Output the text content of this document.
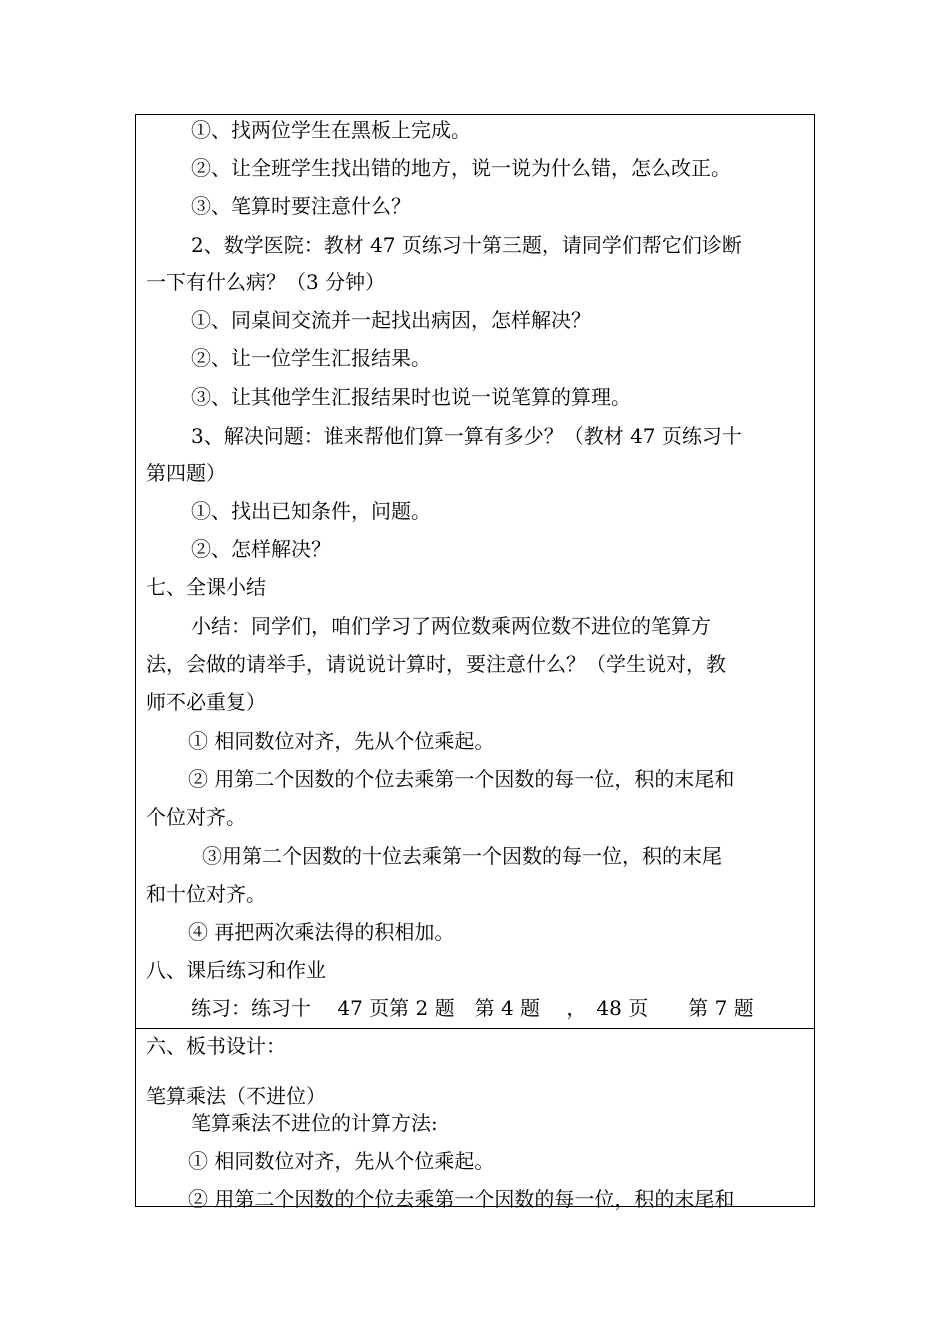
①、找两位学生在黑板上完成。
②、让全班学生找出错的地方，说一说为什么错，怎么改正。
③、笔算时要注意什么？
2、数学医院：教材 47 页练习十第三题，请同学们帮它们诊断
一下有什么病？（3 分钟）
①、同桌间交流并一起找出病因，怎样解决？
②、让一位学生汇报结果。
③、让其他学生汇报结果时也说一说笔算的算理。
3、解决问题：谁来帮他们算一算有多少？（教材 47 页练习十
第四题）
①、找出已知条件，问题。
②、怎样解决？
七、全课小结
小结：同学们，咱们学习了两位数乘两位数不进位的笔算方
法，会做的请举手，请说说计算时，要注意什么？（学生说对，教
师不必重复）
① 相同数位对齐，先从个位乘起。
② 用第二个因数的个位去乘第一个因数的每一位，积的末尾和
个位对齐。
③用第二个因数的十位去乘第一个因数的每一位，积的末尾
和十位对齐。
④ 再把两次乘法得的积相加。
八、课后练习和作业
练习：练习十　 47 页第 2 题　第 4 题　 ，　48 页　　第 7 题
六、板书设计：
笔算乘法（不进位）
笔算乘法不进位的计算方法:
① 相同数位对齐，先从个位乘起。
② 用第二个因数的个位去乘第一个因数的每一位，积的末尾和
